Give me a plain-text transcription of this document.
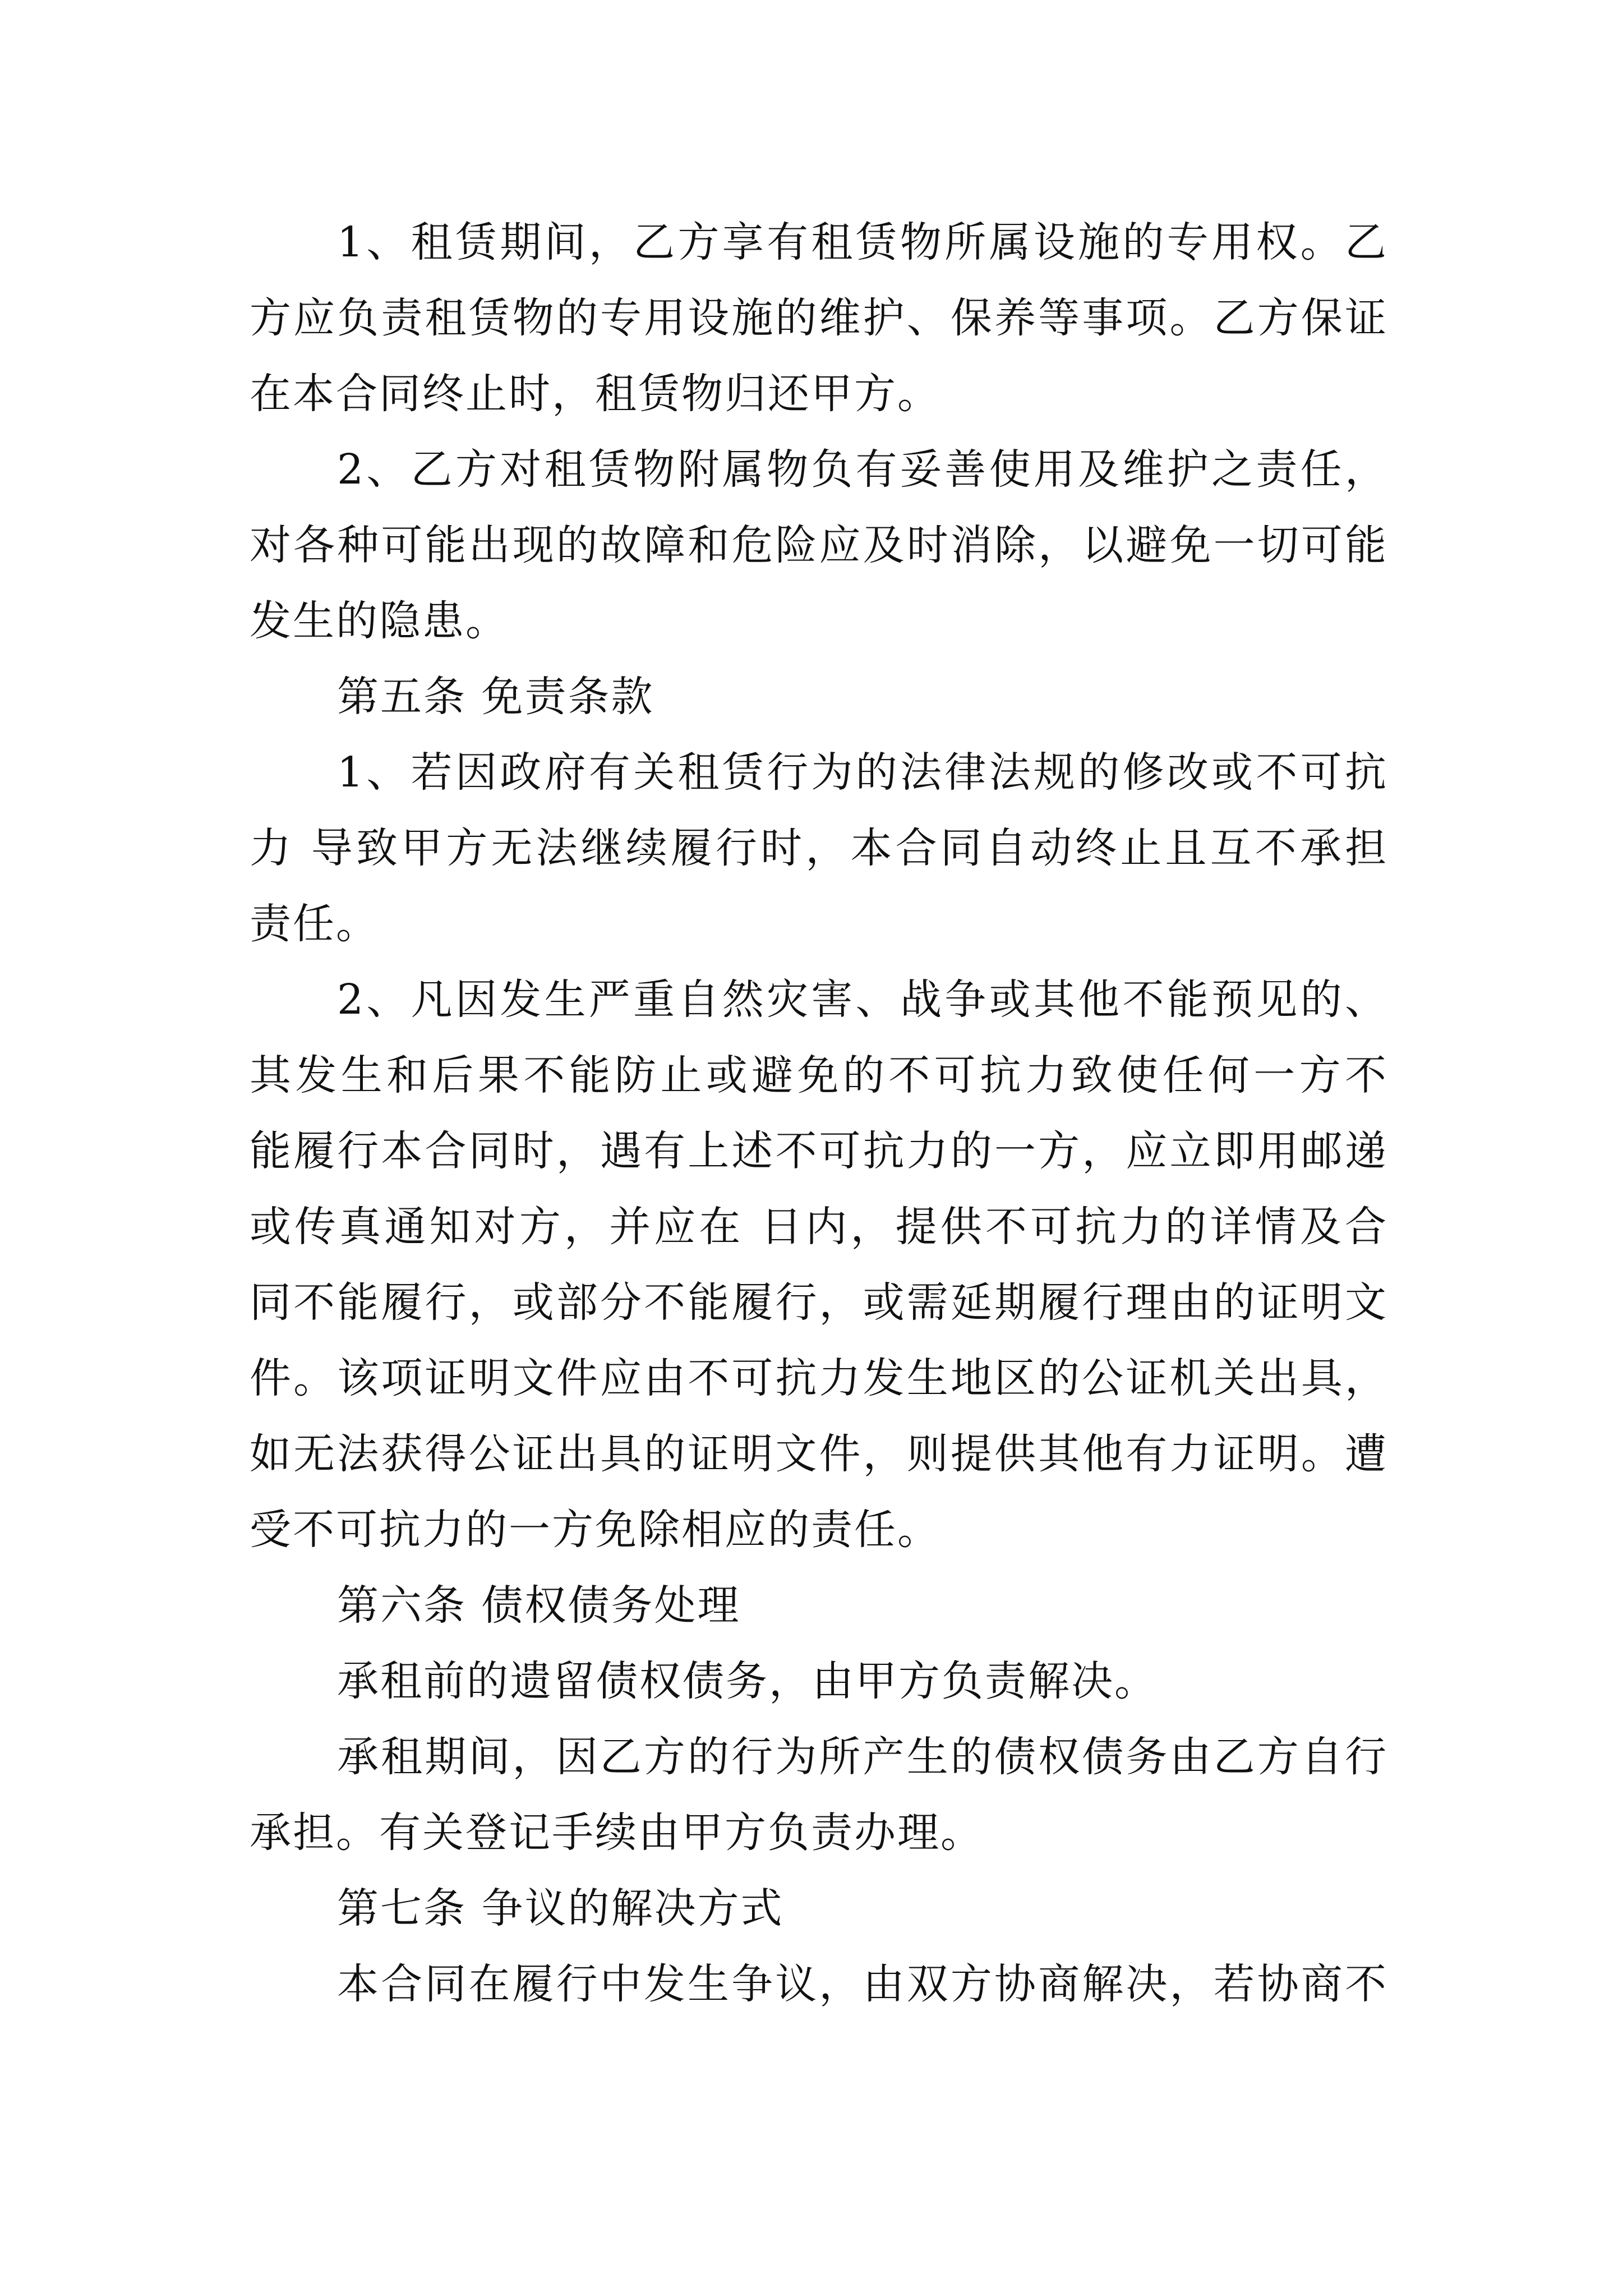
1、租赁期间，乙方享有租赁物所属设施的专用权。乙
方应负责租赁物的专用设施的维护、保养等事项。乙方保证
在本合同终止时，租赁物归还甲方。
2、乙方对租赁物附属物负有妥善使用及维护之责任，
对各种可能出现的故障和危险应及时消除，以避免一切可能
发生的隐患。
第五条 免责条款
1、若因政府有关租赁行为的法律法规的修改或不可抗
力 导致甲方无法继续履行时，本合同自动终止且互不承担
责任。
2、凡因发生严重自然灾害、战争或其他不能预见的、
其发生和后果不能防止或避免的不可抗力致使任何一方不
能履行本合同时，遇有上述不可抗力的一方，应立即用邮递
或传真通知对方，并应在 日内，提供不可抗力的详情及合
同不能履行，或部分不能履行，或需延期履行理由的证明文
件。该项证明文件应由不可抗力发生地区的公证机关出具，
如无法获得公证出具的证明文件，则提供其他有力证明。遭
受不可抗力的一方免除相应的责任。
第六条 债权债务处理
承租前的遗留债权债务，由甲方负责解决。
承租期间，因乙方的行为所产生的债权债务由乙方自行
承担。有关登记手续由甲方负责办理。
第七条 争议的解决方式
本合同在履行中发生争议，由双方协商解决，若协商不
